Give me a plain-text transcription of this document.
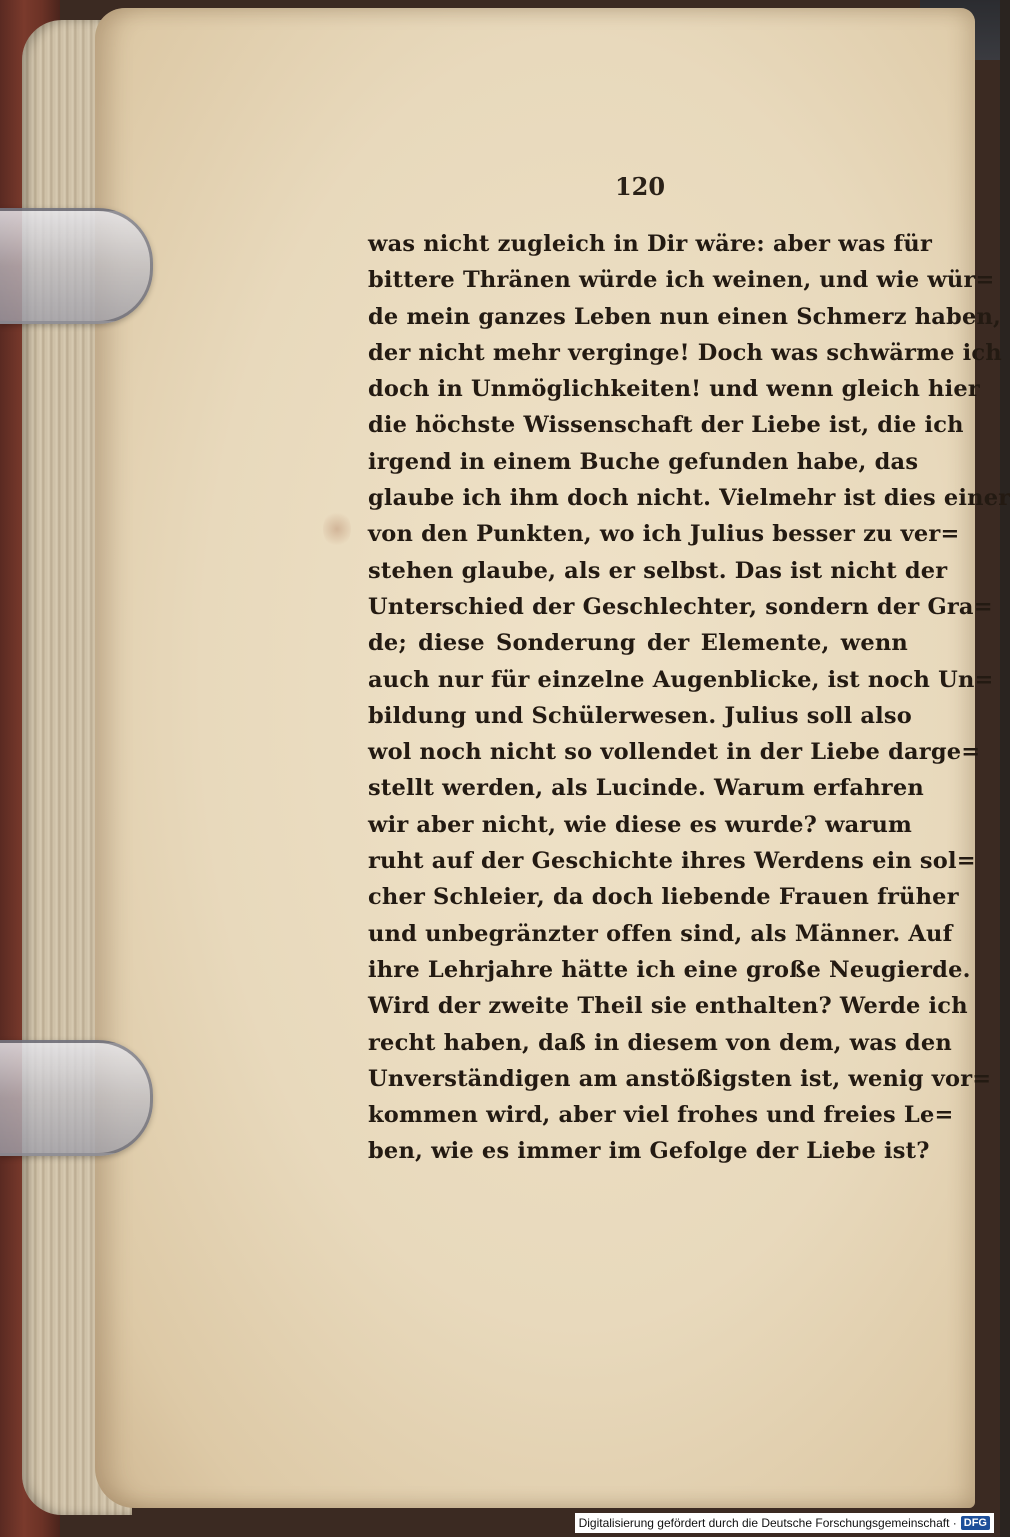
120
was nicht zugleich in Dir wäre: aber was für
bittere Thränen würde ich weinen, und wie wür=
de mein ganzes Leben nun einen Schmerz haben,
der nicht mehr verginge! Doch was schwärme ich
doch in Unmöglichkeiten! und wenn gleich hier
die höchste Wissenschaft der Liebe ist, die ich
irgend in einem Buche gefunden habe, das
glaube ich ihm doch nicht. Vielmehr ist dies einer
von den Punkten, wo ich Julius besser zu ver=
stehen glaube, als er selbst. Das ist nicht der
Unterschied der Geschlechter, sondern der Gra=
de; diese Sonderung der Elemente, wenn
auch nur für einzelne Augenblicke, ist noch Un=
bildung und Schülerwesen. Julius soll also
wol noch nicht so vollendet in der Liebe darge=
stellt werden, als Lucinde. Warum erfahren
wir aber nicht, wie diese es wurde? warum
ruht auf der Geschichte ihres Werdens ein sol=
cher Schleier, da doch liebende Frauen früher
und unbegränzter offen sind, als Männer. Auf
ihre Lehrjahre hätte ich eine große Neugierde.
Wird der zweite Theil sie enthalten? Werde ich
recht haben, daß in diesem von dem, was den
Unverständigen am anstößigsten ist, wenig vor=
kommen wird, aber viel frohes und freies Le=
ben, wie es immer im Gefolge der Liebe ist?
Digitalisierung gefördert durch die Deutsche Forschungsgemeinschaft · DFG
